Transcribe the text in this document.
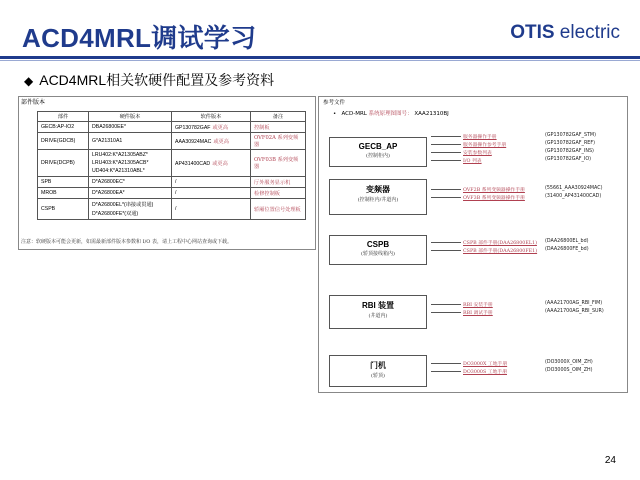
ACD4MRL调试学习	OTIS electric
◆ ACD4MRL相关软硬件配置及参考资料
部件版本
部件	硬件版本	软件版本	备注
GECB:AP-IO2	DBA26800EE*	GP130782GAF 或更高	控制板
DRIVE(GDCB)	G*A21310A1	AAA30924MAC 或更高	OVF02A 系列变频器
DRIVE(DCPB)	LRU402:K*A21305ABZ*
LRU403:K*A21305ACB*
UD404:K*A21310ABL*	AP431400CAD 或更高	OVF03B 系列变频器
SPB	D*A26800EC*	/	厅外服务显示机
MROB	D*A26800EA*	/	检修控制板
CSPB	D*A26800EL*(串接或贯通)
D*A26800FE*(双通)	/	轿厢位置信号处理板
注意：软硬版本可能会更新，如需最新部件版本参数和 I/O 表，请上工程中心网站查询或下载。
参考文件
• ACD-MRL 系统原理图图号： XAA21310BJ
GECB_AP
(控制柜内)
服务器操作手册	(GP130782GAF_STM)
服务器操作参考手册	(GP130782GAF_REF)
安装参数列表	(GP130782GAF_INS)
I/O 列表	(GP130782GAF_IO)
变频器
(控制柜内/井道内)
OVF2B 系列变频器操作手册	(55661_AAA30924MAC)
OVF3B 系列变频器操作手册	(31400_AP431400CAD)
CSPB
(轿顶接线箱内)
CSPB 部件手册(DAA26800EL1) (DAA26800EL_bd)
CSPB 部件手册(DAA26800FE1) (DAA26800FE_bd)
RBI 装置
(井道内)
RBI 安装手册	(AAA21700AG_RBI_FIM)
RBI 调试手册	(AAA21700AG_RBI_SUR)
门机
(轿顶)
DO3000X 工地手册	(DO3000X_OIM_ZH)
DO3000S 工地手册	(DO3000S_OIM_ZH)
24
